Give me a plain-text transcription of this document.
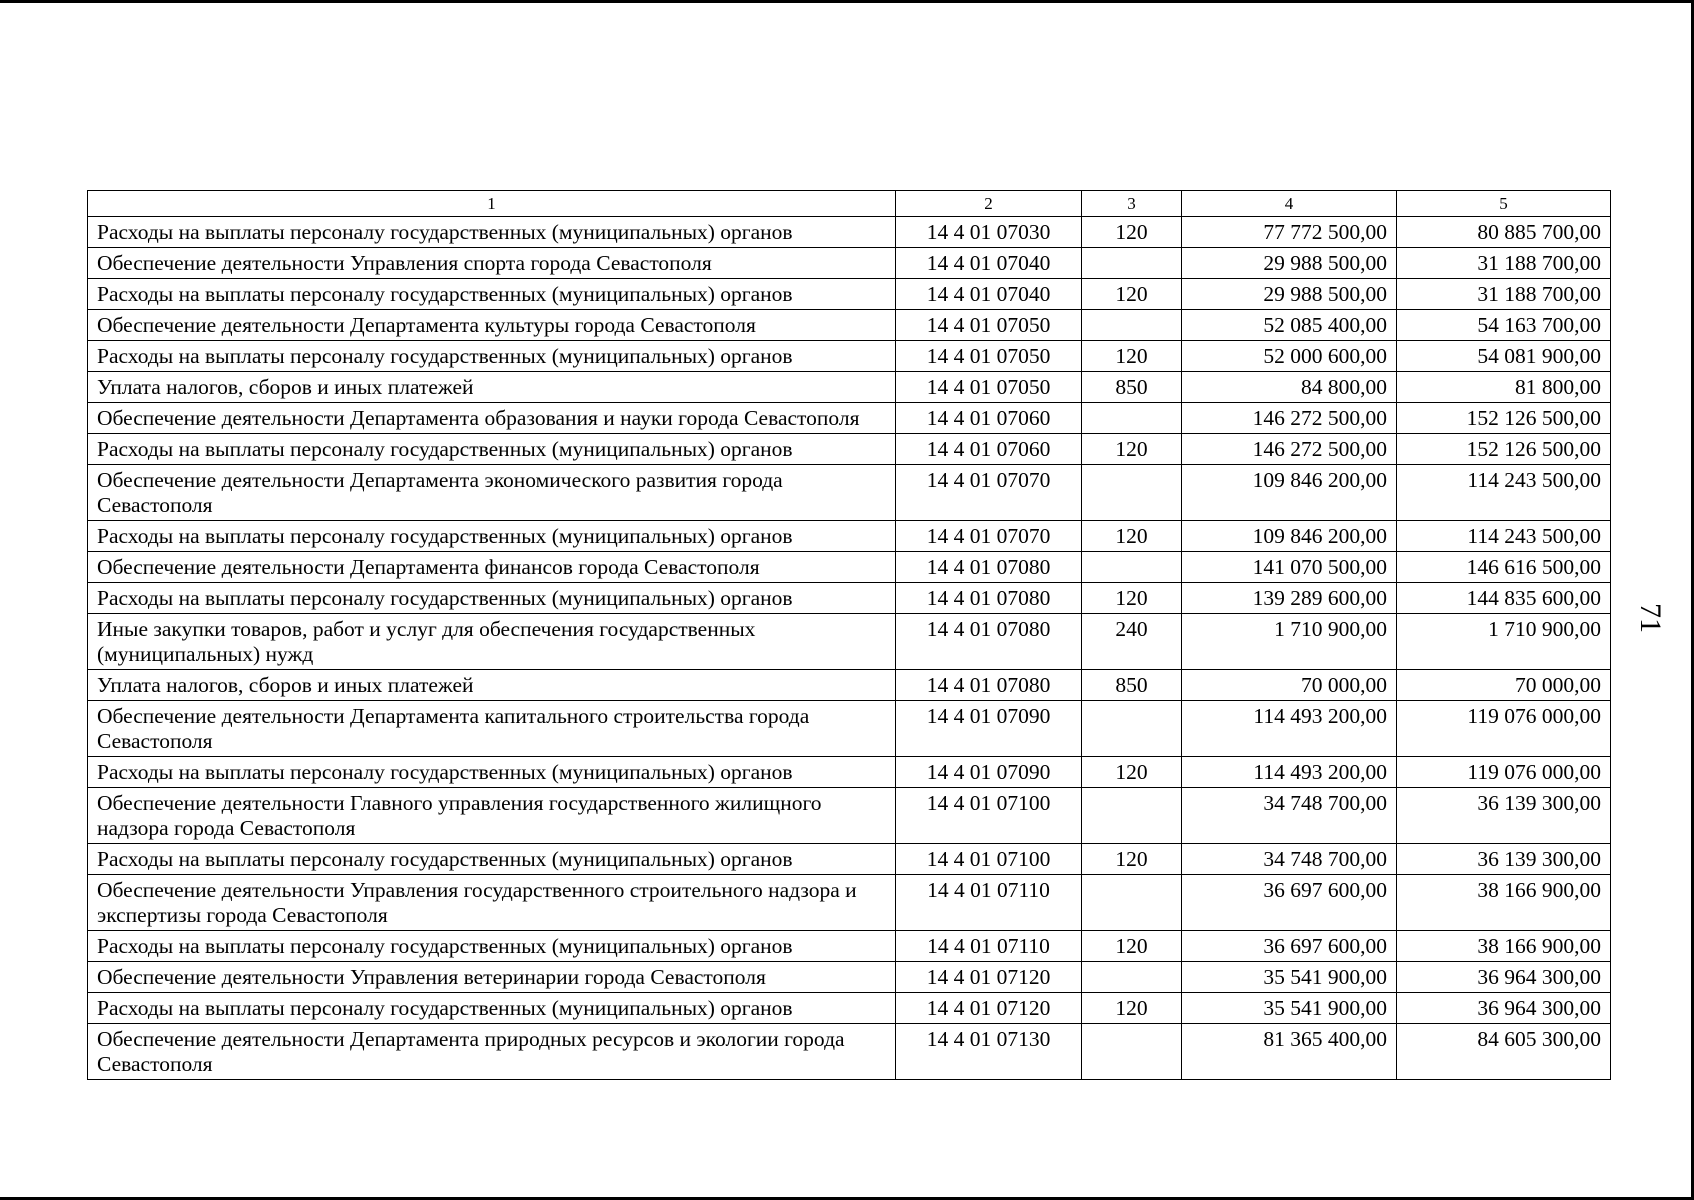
1	2	3	4	5
Расходы на выплаты персоналу государственных (муниципальных) органов	14 4 01 07030	120	77 772 500,00	80 885 700,00
Обеспечение деятельности Управления спорта города Севастополя	14 4 01 07040		29 988 500,00	31 188 700,00
Расходы на выплаты персоналу государственных (муниципальных) органов	14 4 01 07040	120	29 988 500,00	31 188 700,00
Обеспечение деятельности Департамента культуры города Севастополя	14 4 01 07050		52 085 400,00	54 163 700,00
Расходы на выплаты персоналу государственных (муниципальных) органов	14 4 01 07050	120	52 000 600,00	54 081 900,00
Уплата налогов, сборов и иных платежей	14 4 01 07050	850	84 800,00	81 800,00
Обеспечение деятельности Департамента образования и науки города Севастополя	14 4 01 07060		146 272 500,00	152 126 500,00
Расходы на выплаты персоналу государственных (муниципальных) органов	14 4 01 07060	120	146 272 500,00	152 126 500,00
Обеспечение деятельности Департамента экономического развития города Севастополя	14 4 01 07070		109 846 200,00	114 243 500,00
Расходы на выплаты персоналу государственных (муниципальных) органов	14 4 01 07070	120	109 846 200,00	114 243 500,00
Обеспечение деятельности Департамента финансов города Севастополя	14 4 01 07080		141 070 500,00	146 616 500,00
Расходы на выплаты персоналу государственных (муниципальных) органов	14 4 01 07080	120	139 289 600,00	144 835 600,00
Иные закупки товаров, работ и услуг для обеспечения государственных (муниципальных) нужд	14 4 01 07080	240	1 710 900,00	1 710 900,00
Уплата налогов, сборов и иных платежей	14 4 01 07080	850	70 000,00	70 000,00
Обеспечение деятельности Департамента капитального строительства города Севастополя	14 4 01 07090		114 493 200,00	119 076 000,00
Расходы на выплаты персоналу государственных (муниципальных) органов	14 4 01 07090	120	114 493 200,00	119 076 000,00
Обеспечение деятельности Главного управления государственного жилищного надзора города Севастополя	14 4 01 07100		34 748 700,00	36 139 300,00
Расходы на выплаты персоналу государственных (муниципальных) органов	14 4 01 07100	120	34 748 700,00	36 139 300,00
Обеспечение деятельности Управления государственного строительного надзора и экспертизы города Севастополя	14 4 01 07110		36 697 600,00	38 166 900,00
Расходы на выплаты персоналу государственных (муниципальных) органов	14 4 01 07110	120	36 697 600,00	38 166 900,00
Обеспечение деятельности Управления ветеринарии города Севастополя	14 4 01 07120		35 541 900,00	36 964 300,00
Расходы на выплаты персоналу государственных (муниципальных) органов	14 4 01 07120	120	35 541 900,00	36 964 300,00
Обеспечение деятельности Департамента природных ресурсов и экологии города Севастополя	14 4 01 07130		81 365 400,00	84 605 300,00
71
